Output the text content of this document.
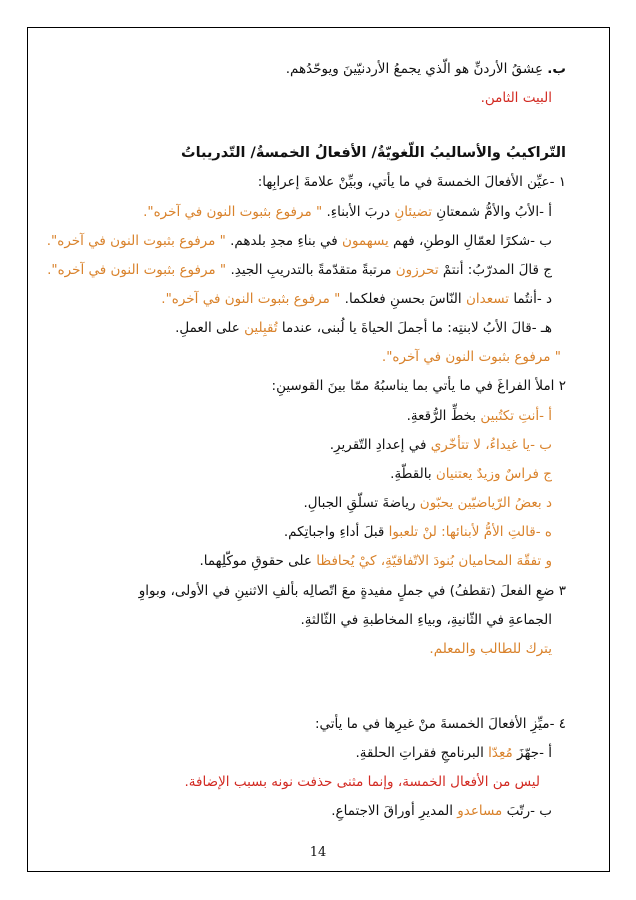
ب. عِشقُ الأردنِّ هو الّذي يجمعُ الأردنيّينَ ويوحّدُهم.
البيت الثامن.
التّراكيبُ والأساليبُ اللّغويّةُ/ الأفعالُ الخمسةُ/ التّدريباتُ
١ -عيِّن الأفعالَ الخمسةَ في ما يأتي، وبيِّنْ علامةَ إعرابِها:
أ -الأبُ والأمُّ شمعتانِ تضيئانِ دربَ الأبناءِ. " مرفوع بثبوت النون في آخره".
ب -شكرًا لعمّالِ الوطنِ، فهم يسهمون في بناءِ مجدِ بلدهم. " مرفوع بثبوت النون في آخره".
ج قالَ المدرّبُ: أنتمْ تحرزون مرتبةً متقدّمةً بالتدريبِ الجيدِ. " مرفوع بثبوت النون في آخره".
د -أنتُما تسعدان النّاسَ بحسنِ فعلكما. " مرفوع بثبوت النون في آخره".
هـ -قالَ الأبُ لابنتِه: ما أجملَ الحياةَ يا لُبنى، عندما تُقبِلين على العملِ.
" مرفوع بثبوت النون في آخره".
٢ املأ الفراغَ في ما يأتي بما يناسبُهُ ممّا بينَ القوسينِ:
أ -أنتِ تكتُبين بخطِّ الرُّقعةِ.
ب -يا غيداءُ، لا تتأخّري في إعدادِ التّقريرِ.
ج فراسٌ وزيدٌ يعتنيان بالقطّةِ.
د بعضُ الرّياضيّين يحبّون رياضةَ تسلّقِ الجبالِ.
ه -قالتِ الأمُّ لأبنائها: لنْ تلعبوا قبلَ أداءِ واجباتِكم.
و تفقّهَ المحاميان بُنودَ الاتّفاقيّةِ، كيْ يُحافظا على حقوقِ موكّلِهما.
٣ ضعِ الفعلَ (تقطفُ) في جملٍ مفيدةٍ معَ اتّصالِه بألفِ الاثنينِ في الأولى، وبواوِ
الجماعةِ في الثّانيةِ، وبياءِ المخاطبةِ في الثّالثةِ.
يترك للطالب والمعلم.
٤ -ميِّزِ الأفعالَ الخمسةَ منْ غيرِها في ما يأتي:
أ -جهّزَ مُعِدّا البرنامجِ فقراتِ الحلقةِ.
ليس من الأفعال الخمسة، وإنما مثنى حذفت نونه بسبب الإضافة.
ب -رتّبَ مساعدو المديرِ أوراقَ الاجتماعِ.
14
